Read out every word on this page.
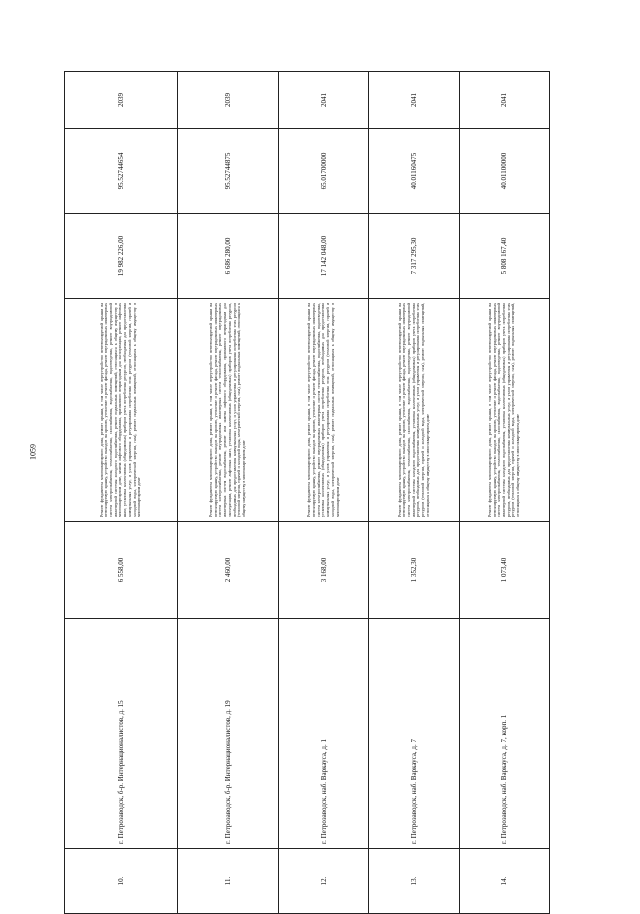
1059
10.	г. Петрозаводск, б-р. Интернационалистов, д. 15	6 558,00	Ремонт фундамента многоквартирного дома, ремонт крыши, в том числе переустройство невентилируемой крыши на вентилируемую крышу, устройство выходов на кровлю, утепление и ремонт фасада, ремонт внутридомовых инженерных систем электроснабжения, теплоснабжения, газоснабжения, водоснабжения, водоотведения, ремонт внутридомовой инженерной системы холодного водоснабжения, ремонт подвальных помещений, относящихся к общему имуществу в многоквартирном доме, замена лифтового оборудования, признанного непригодным для эксплуатации, ремонт лифтовых шахт, установка коллективных (общедомовых) приборов учета потребления ресурсов, необходимых для предоставления коммунальных услуг, и узлов управления и регулирования потребления этих ресурсов (тепловой энергии, горячей и холодной воды, электрической энергии, газа), ремонт подвальных помещений, относящихся к общему имуществу в многоквартирном доме	19 982 226,00	95.52744654	2039
11.	г. Петрозаводск, б-р. Интернационалистов, д. 19	2 460,00	Ремонт фундамента многоквартирного дома, ремонт крыши, в том числе переустройство невентилируемой крыши на вентилируемую крышу, устройство выходов на кровлю, утепление и ремонт фасада, ремонт внутридомовых инженерных систем электроснабжения, ремонт внутридомовых инженерных систем теплоснабжения, ремонт внутридомовых инженерных систем водоснабжения, ремонт или замена лифтового оборудования, признанного непригодным для эксплуатации, ремонт лифтовых шахт, установка коллективных (общедомовых) приборов учета потребления ресурсов, необходимых для предоставления коммунальных услуг, и узлов управления и регулирования потребления этих ресурсов (тепловой энергии, горячей и холодной воды, электрической энергии, газа), ремонт подвальных помещений, относящихся к общему имуществу в многоквартирном доме	6 686 280,00	95.52744875	2039
12.	г. Петрозаводск, наб. Варкауса, д. 1	3 168,00	Ремонт фундамента многоквартирного дома, ремонт крыши, в том числе переустройство невентилируемой крыши на вентилируемую крышу, устройство выходов на кровлю, утепление и ремонт фасада, ремонт внутридомовых инженерных систем электроснабжения, ремонт внутридомовых инженерных систем теплоснабжения, водоснабжения, водоотведения, установка коллективных (общедомовых) приборов учета потребления ресурсов, необходимых для предоставления коммунальных услуг, и узлов управления и регулирования потребления этих ресурсов (тепловой энергии, горячей и холодной воды, электрической энергии, газа), ремонт подвальных помещений, относящихся к общему имуществу в многоквартирном доме	17 142 048,00	65.01700000	2041
13.	г. Петрозаводск, наб. Варкауса, д. 7	1 352,30	Ремонт фундамента многоквартирного дома, ремонт крыши, в том числе переустройство невентилируемой крыши на вентилируемую крышу, устройство выходов на кровлю, утепление и ремонт фасада, ремонт внутридомовых инженерных систем электроснабжения, теплоснабжения, газоснабжения, водоснабжения, водоотведения, ремонт внутридомовой инженерной системы холодного водоснабжения, установка коллективных (общедомовых) приборов учета потребления ресурсов, необходимых для предоставления коммунальных услуг, и узлов управления и регулирования потребления этих ресурсов (тепловой энергии, горячей и холодной воды, электрической энергии, газа), ремонт подвальных помещений, относящихся к общему имуществу в многоквартирном доме	7 317 295,30	40.01160475	2041
14.	г. Петрозаводск, наб. Варкауса, д. 7, корп. 1	1 073,40	Ремонт фундамента многоквартирного дома, ремонт крыши, в том числе переустройство невентилируемой крыши на вентилируемую крышу, устройство выходов на кровлю, утепление и ремонт фасада, ремонт внутридомовых инженерных систем электроснабжения, теплоснабжения, газоснабжения, водоснабжения, водоотведения, ремонт внутридомовой инженерной системы холодного водоснабжения, установка коллективных (общедомовых) приборов учета потребления ресурсов, необходимых для предоставления коммунальных услуг, и узлов управления и регулирования потребления этих ресурсов (тепловой энергии, горячей и холодной воды, электрической энергии, газа), ремонт подвальных помещений, относящихся к общему имуществу в многоквартирном доме	5 808 167,40	40.01100000	2041
